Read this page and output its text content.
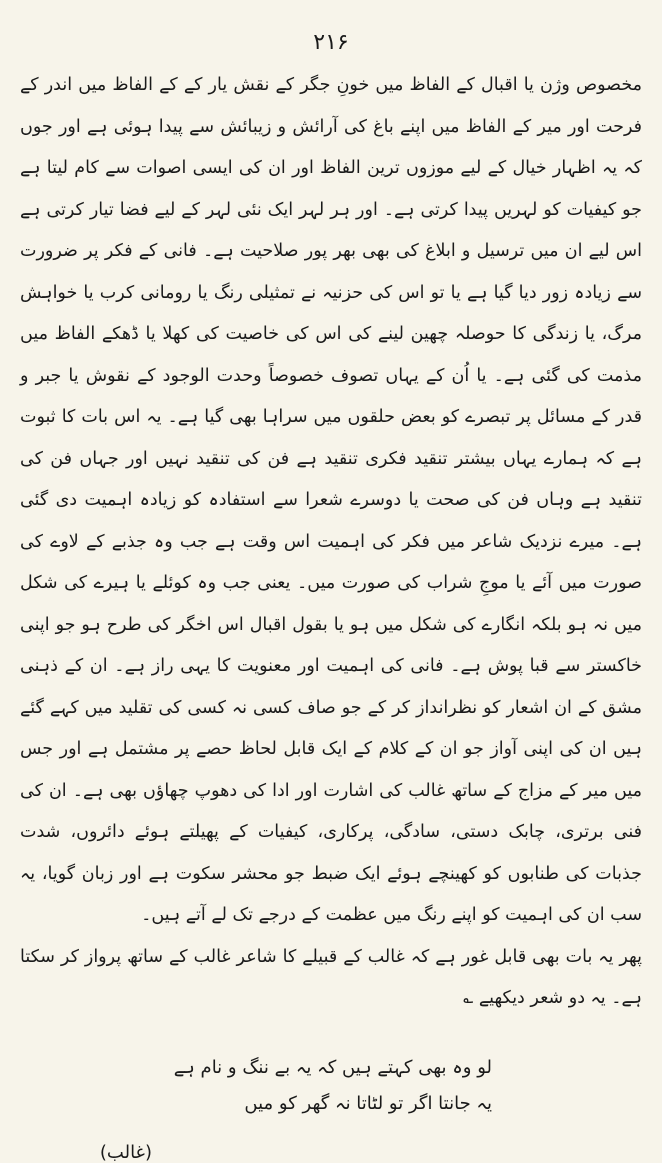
۲۱۶

مخصوص وژن یا اقبال کے الفاظ میں خونِ جگر کے نقش یار کے کے الفاظ میں اندر کے فرحت اور میر کے الفاظ میں اپنے باغ کی آرائش و زیبائش سے پیدا ہوئی ہے اور جوں کہ یہ اظہار خیال کے لیے موزوں ترین الفاظ اور ان کی ایسی اصوات سے کام لیتا ہے جو کیفیات کو لہریں پیدا کرتی ہے۔ اور ہر لہر ایک نئی لہر کے لیے فضا تیار کرتی ہے اس لیے ان میں ترسیل و ابلاغ کی بھی بھر پور صلاحیت ہے۔ فانی کے فکر پر ضرورت سے زیادہ زور دیا گیا ہے یا تو اس کی حزنیہ نے تمثیلی رنگ یا رومانی کرب یا خواہش مرگ، یا زندگی کا حوصلہ چھین لینے کی اس کی خاصیت کی کھلا یا ڈھکے الفاظ میں مذمت کی گئی ہے۔ یا اُن کے یہاں تصوف خصوصاً وحدت الوجود کے نقوش یا جبر و قدر کے مسائل پر تبصرے کو بعض حلقوں میں سراہا بھی گیا ہے۔ یہ اس بات کا ثبوت ہے کہ ہمارے یہاں بیشتر تنقید فکری تنقید ہے فن کی تنقید نہیں اور جہاں فن کی تنقید ہے وہاں فن کی صحت یا دوسرے شعرا سے استفادہ کو زیادہ اہمیت دی گئی ہے۔ میرے نزدیک شاعر میں فکر کی اہمیت اس وقت ہے جب وہ جذبے کے لاوے کی صورت میں آئے یا موجِ شراب کی صورت میں۔ یعنی جب وہ کوئلے یا ہیرے کی شکل میں نہ ہو بلکہ انگارے کی شکل میں ہو یا بقول اقبال اس اخگر کی طرح ہو جو اپنی خاکستر سے قبا پوش ہے۔ فانی کی اہمیت اور معنویت کا یہی راز ہے۔ ان کے ذہنی مشق کے ان اشعار کو نظرانداز کر کے جو صاف کسی نہ کسی کی تقلید میں کہے گئے ہیں ان کی اپنی آواز جو ان کے کلام کے ایک قابل لحاظ حصے پر مشتمل ہے اور جس میں میر کے مزاج کے ساتھ غالب کی اشارت اور ادا کی دھوپ چھاؤں بھی ہے۔ ان کی فنی برتری، چابک دستی، سادگی، پرکاری، کیفیات کے پھیلتے ہوئے دائروں، شدت جذبات کی طنابوں کو کھینچے ہوئے ایک ضبط جو محشر سکوت ہے اور زبان گویا، یہ سب ان کی اہمیت کو اپنے رنگ میں عظمت کے درجے تک لے آتے ہیں۔

پھر یہ بات بھی قابل غور ہے کہ غالب کے قبیلے کا شاعر غالب کے ساتھ پرواز کر سکتا ہے۔ یہ دو شعر دیکھیے ؎

لو وہ بھی کہتے ہیں کہ یہ بے ننگ و نام ہے
یہ جانتا اگر تو لٹاتا نہ گھر کو میں
(غالب)
